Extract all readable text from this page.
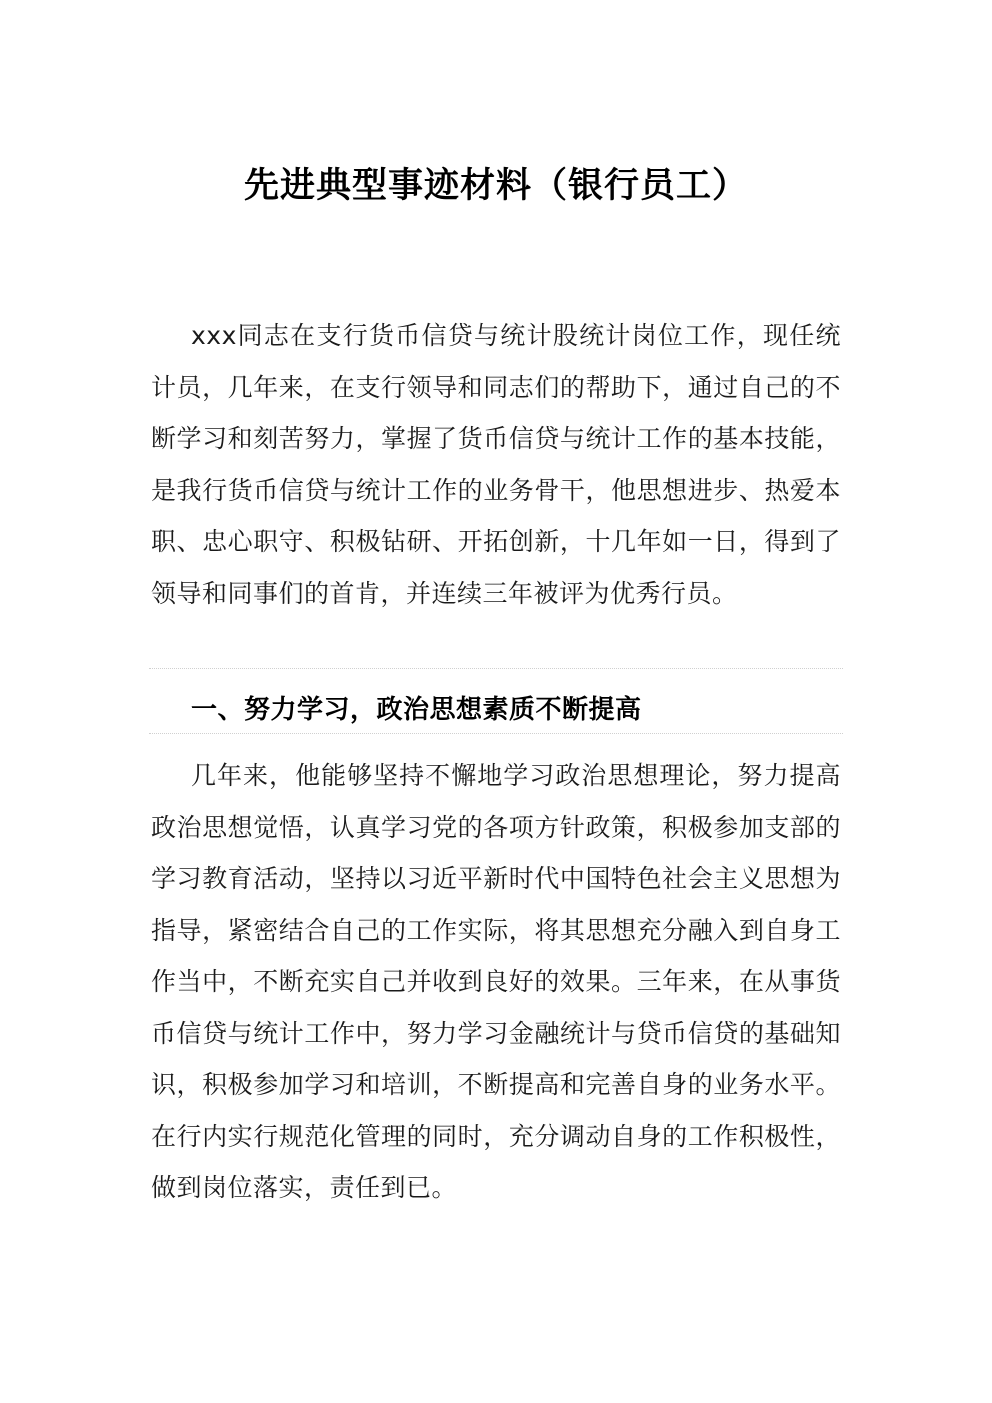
先进典型事迹材料（银行员工）

xxx同志在支行货币信贷与统计股统计岗位工作，现任统计员，几年来，在支行领导和同志们的帮助下，通过自己的不断学习和刻苦努力，掌握了货币信贷与统计工作的基本技能，是我行货币信贷与统计工作的业务骨干，他思想进步、热爱本职、忠心职守、积极钻研、开拓创新，十几年如一日，得到了领导和同事们的首肯，并连续三年被评为优秀行员。

一、努力学习，政治思想素质不断提高

几年来，他能够坚持不懈地学习政治思想理论，努力提高政治思想觉悟，认真学习党的各项方针政策，积极参加支部的学习教育活动，坚持以习近平新时代中国特色社会主义思想为指导，紧密结合自己的工作实际，将其思想充分融入到自身工作当中，不断充实自己并收到良好的效果。三年来，在从事货币信贷与统计工作中，努力学习金融统计与贷币信贷的基础知识，积极参加学习和培训，不断提高和完善自身的业务水平。在行内实行规范化管理的同时，充分调动自身的工作积极性，做到岗位落实，责任到已。
